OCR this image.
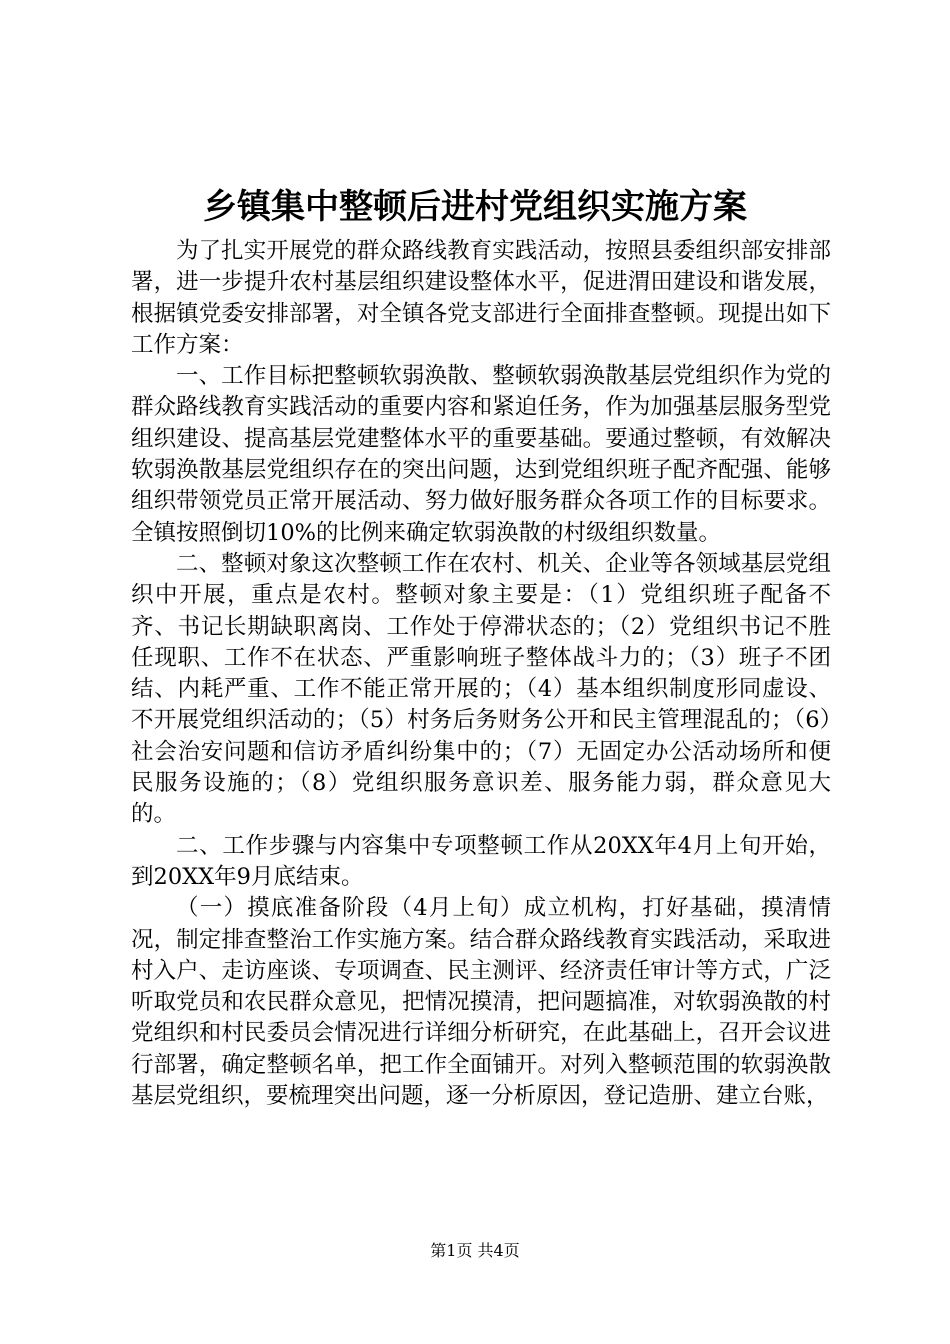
乡镇集中整顿后进村党组织实施方案

为了扎实开展党的群众路线教育实践活动，按照县委组织部安排部署，进一步提升农村基层组织建设整体水平，促进渭田建设和谐发展，根据镇党委安排部署，对全镇各党支部进行全面排查整顿。现提出如下工作方案：

一、工作目标把整顿软弱涣散、整顿软弱涣散基层党组织作为党的群众路线教育实践活动的重要内容和紧迫任务，作为加强基层服务型党组织建设、提高基层党建整体水平的重要基础。要通过整顿，有效解决软弱涣散基层党组织存在的突出问题，达到党组织班子配齐配强、能够组织带领党员正常开展活动、努力做好服务群众各项工作的目标要求。全镇按照倒切10%的比例来确定软弱涣散的村级组织数量。

二、整顿对象这次整顿工作在农村、机关、企业等各领域基层党组织中开展，重点是农村。整顿对象主要是：（1）党组织班子配备不齐、书记长期缺职离岗、工作处于停滞状态的；（2）党组织书记不胜任现职、工作不在状态、严重影响班子整体战斗力的；（3）班子不团结、内耗严重、工作不能正常开展的；（4）基本组织制度形同虚设、不开展党组织活动的；（5）村务后务财务公开和民主管理混乱的；（6）社会治安问题和信访矛盾纠纷集中的；（7）无固定办公活动场所和便民服务设施的；（8）党组织服务意识差、服务能力弱，群众意见大的。

二、工作步骤与内容集中专项整顿工作从20XX年4月上旬开始，到20XX年9月底结束。

（一）摸底准备阶段（4月上旬）成立机构，打好基础，摸清情况，制定排查整治工作实施方案。结合群众路线教育实践活动，采取进村入户、走访座谈、专项调查、民主测评、经济责任审计等方式，广泛听取党员和农民群众意见，把情况摸清，把问题搞准，对软弱涣散的村党组织和村民委员会情况进行详细分析研究，在此基础上，召开会议进行部署，确定整顿名单，把工作全面铺开。对列入整顿范围的软弱涣散基层党组织，要梳理突出问题，逐一分析原因，登记造册、建立台账，

第1页 共4页
